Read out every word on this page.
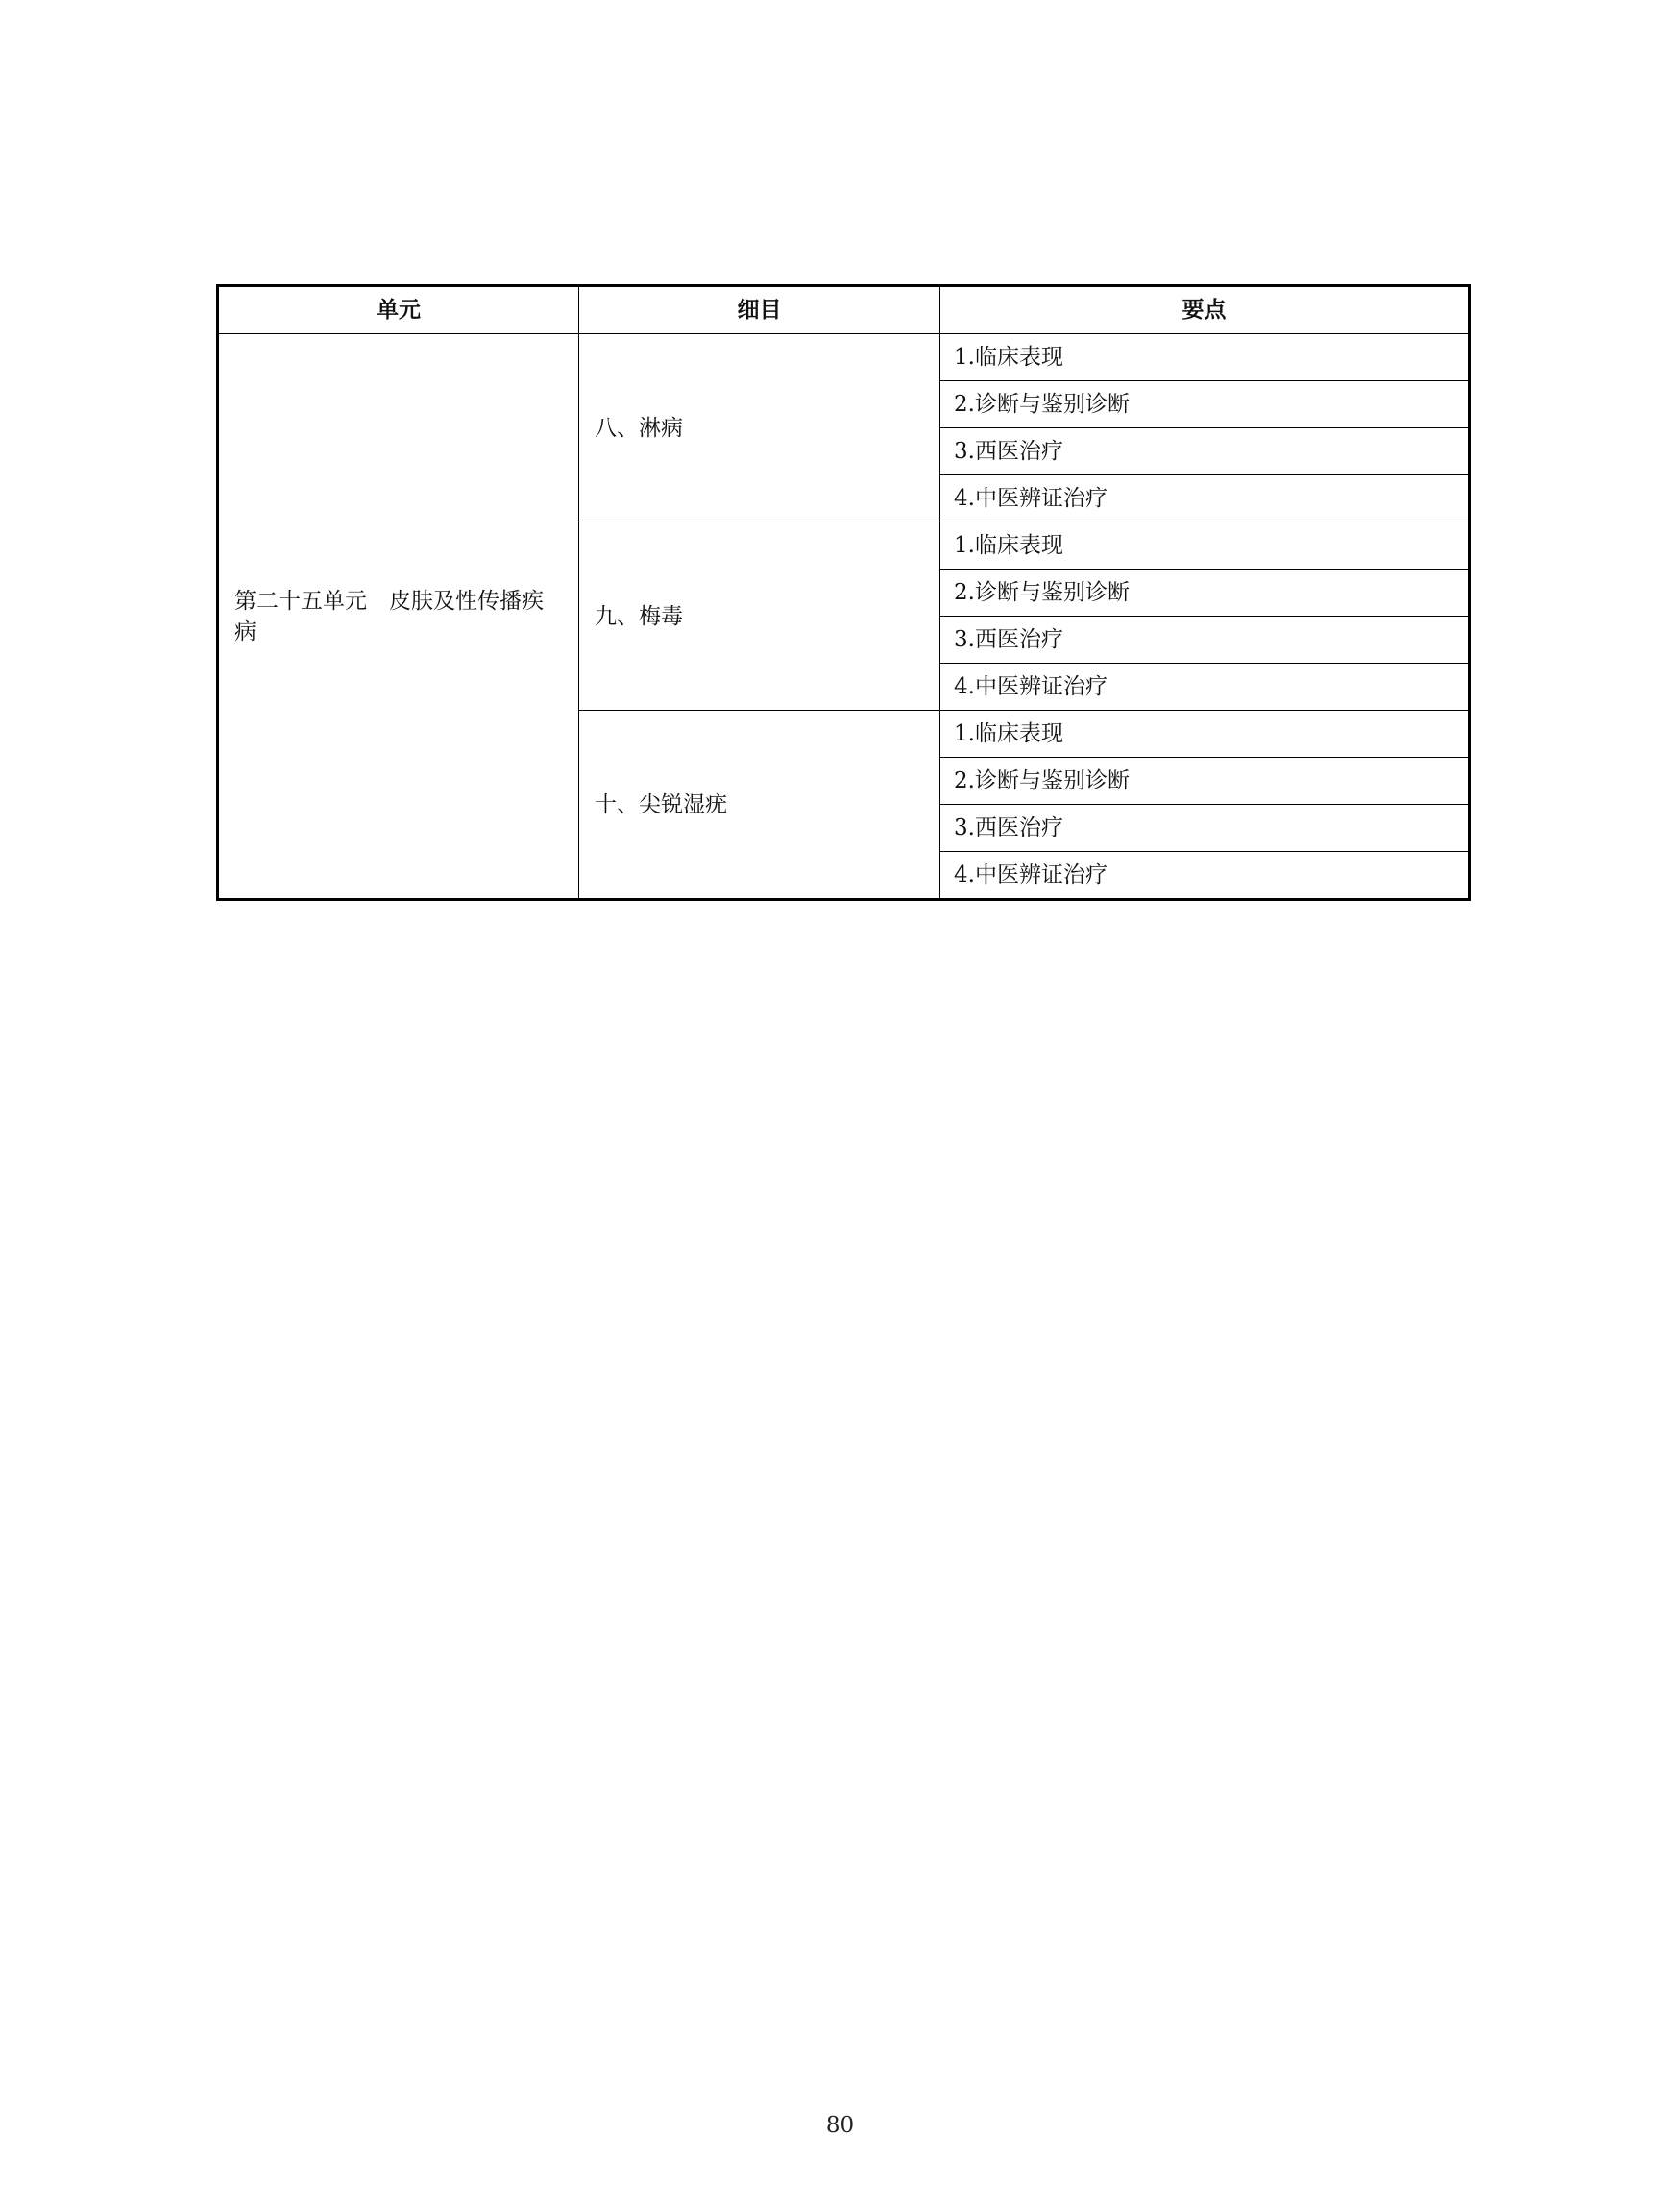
单元	细目	要点
第二十五单元　皮肤及性传播疾病	八、淋病	1.临床表现
		2.诊断与鉴别诊断
		3.西医治疗
		4.中医辨证治疗
	九、梅毒	1.临床表现
		2.诊断与鉴别诊断
		3.西医治疗
		4.中医辨证治疗
	十、尖锐湿疣	1.临床表现
		2.诊断与鉴别诊断
		3.西医治疗
		4.中医辨证治疗
80
